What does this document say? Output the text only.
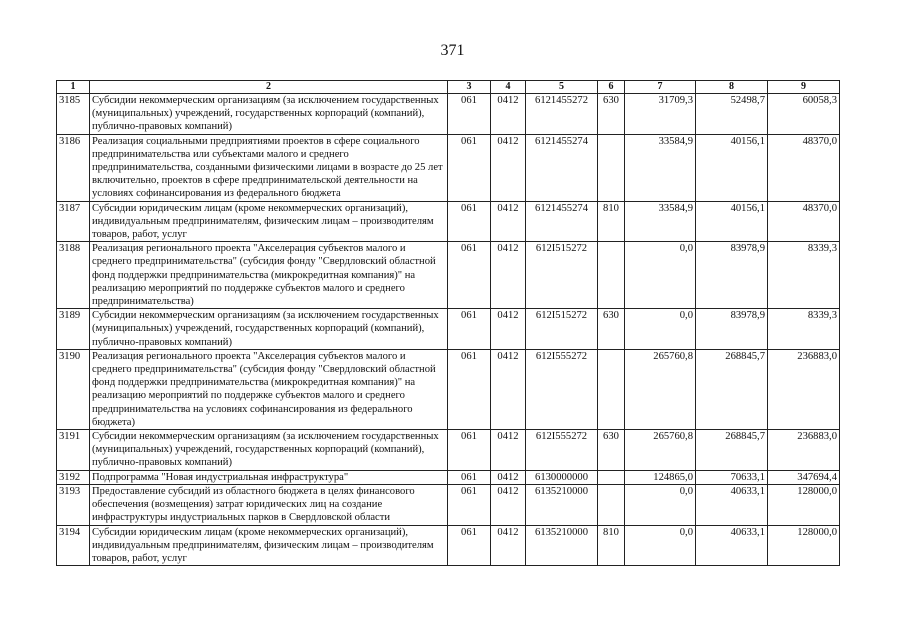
371
1	2	3	4	5	6	7	8	9
3185	Субсидии некоммерческим организациям (за исключением государственных (муниципальных) учреждений, государственных корпораций (компаний), публично-правовых компаний)	061	0412	6121455272	630	31709,3	52498,7	60058,3
3186	Реализация социальными предприятиями проектов в сфере социального предпринимательства или субъектами малого и среднего предпринимательства, созданными физическими лицами в возрасте до 25 лет включительно, проектов в сфере предпринимательской деятельности на условиях софинансирования из федерального бюджета	061	0412	6121455274		33584,9	40156,1	48370,0
3187	Субсидии юридическим лицам (кроме некоммерческих организаций), индивидуальным предпринимателям, физическим лицам – производителям товаров, работ, услуг	061	0412	6121455274	810	33584,9	40156,1	48370,0
3188	Реализация регионального проекта "Акселерация субъектов малого и среднего предпринимательства" (субсидия фонду "Свердловский областной фонд поддержки предпринимательства (микрокредитная компания)" на реализацию мероприятий по поддержке субъектов малого и среднего предпринимательства)	061	0412	612I515272		0,0	83978,9	8339,3
3189	Субсидии некоммерческим организациям (за исключением государственных (муниципальных) учреждений, государственных корпораций (компаний), публично-правовых компаний)	061	0412	612I515272	630	0,0	83978,9	8339,3
3190	Реализация регионального проекта "Акселерация субъектов малого и среднего предпринимательства" (субсидия фонду "Свердловский областной фонд поддержки предпринимательства (микрокредитная компания)" на реализацию мероприятий по поддержке субъектов малого и среднего предпринимательства на условиях софинансирования из федерального бюджета)	061	0412	612I555272		265760,8	268845,7	236883,0
3191	Субсидии некоммерческим организациям (за исключением государственных (муниципальных) учреждений, государственных корпораций (компаний), публично-правовых компаний)	061	0412	612I555272	630	265760,8	268845,7	236883,0
3192	Подпрограмма "Новая индустриальная инфраструктура"	061	0412	6130000000		124865,0	70633,1	347694,4
3193	Предоставление субсидий из областного бюджета в целях финансового обеспечения (возмещения) затрат юридических лиц на создание инфраструктуры индустриальных парков в Свердловской области	061	0412	6135210000		0,0	40633,1	128000,0
3194	Субсидии юридическим лицам (кроме некоммерческих организаций), индивидуальным предпринимателям, физическим лицам – производителям товаров, работ, услуг	061	0412	6135210000	810	0,0	40633,1	128000,0
